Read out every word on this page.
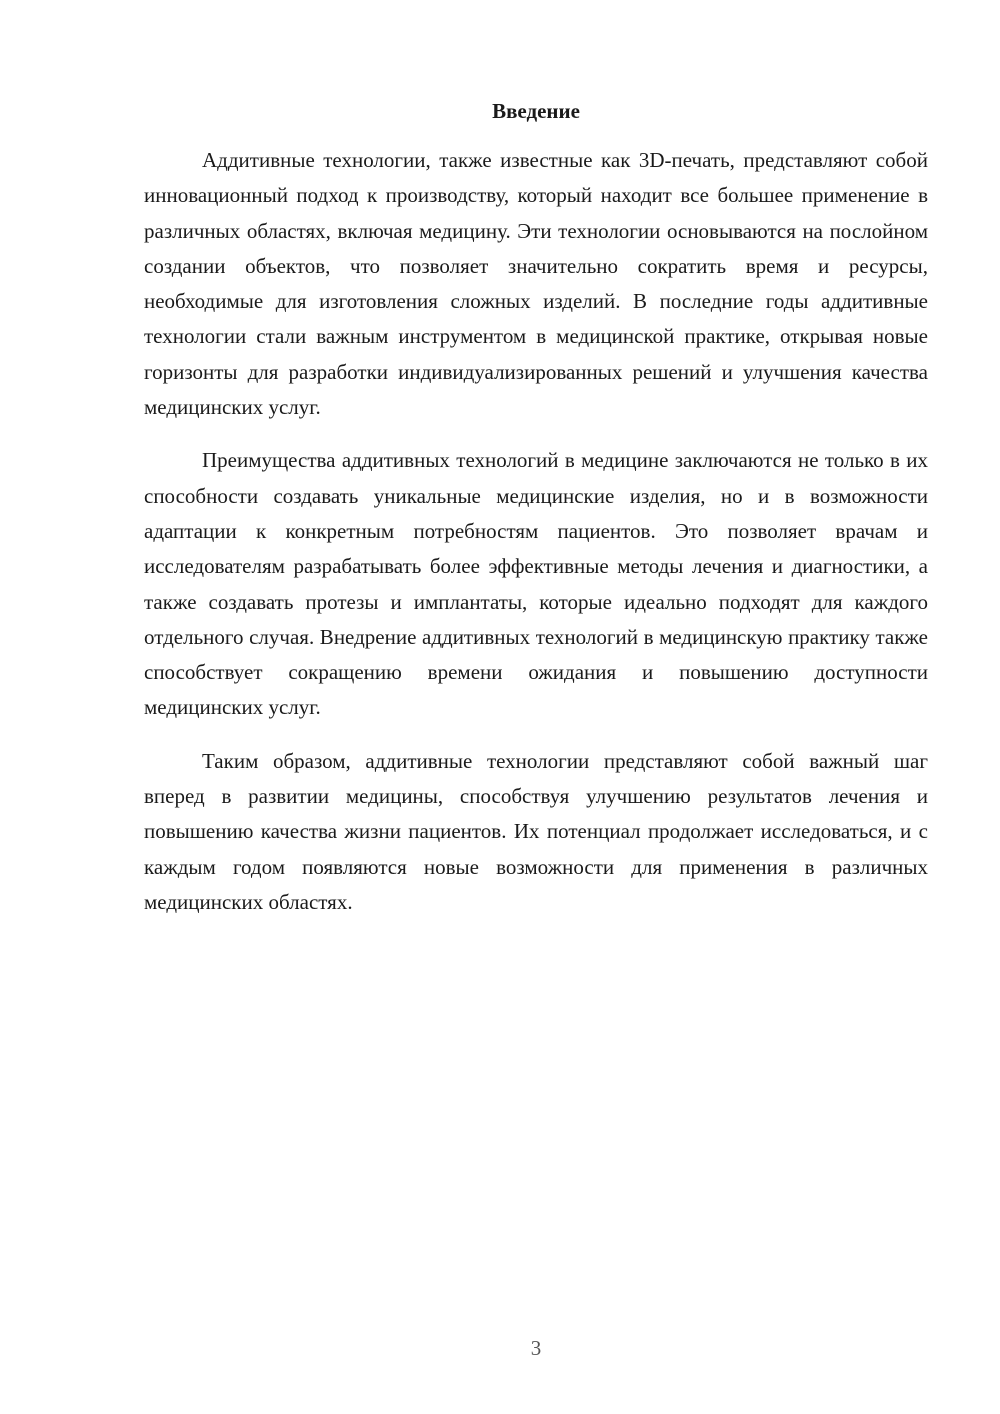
Введение

Аддитивные технологии, также известные как 3D-печать, представляют собой инновационный подход к производству, который находит все большее применение в различных областях, включая медицину. Эти технологии основываются на послойном создании объектов, что позволяет значительно сократить время и ресурсы, необходимые для изготовления сложных изделий. В последние годы аддитивные технологии стали важным инструментом в медицинской практике, открывая новые горизонты для разработки индивидуализированных решений и улучшения качества медицинских услуг.

Преимущества аддитивных технологий в медицине заключаются не только в их способности создавать уникальные медицинские изделия, но и в возможности адаптации к конкретным потребностям пациентов. Это позволяет врачам и исследователям разрабатывать более эффективные методы лечения и диагностики, а также создавать протезы и имплантаты, которые идеально подходят для каждого отдельного случая. Внедрение аддитивных технологий в медицинскую практику также способствует сокращению времени ожидания и повышению доступности медицинских услуг.

Таким образом, аддитивные технологии представляют собой важный шаг вперед в развитии медицины, способствуя улучшению результатов лечения и повышению качества жизни пациентов. Их потенциал продолжает исследоваться, и с каждым годом появляются новые возможности для применения в различных медицинских областях.

3
